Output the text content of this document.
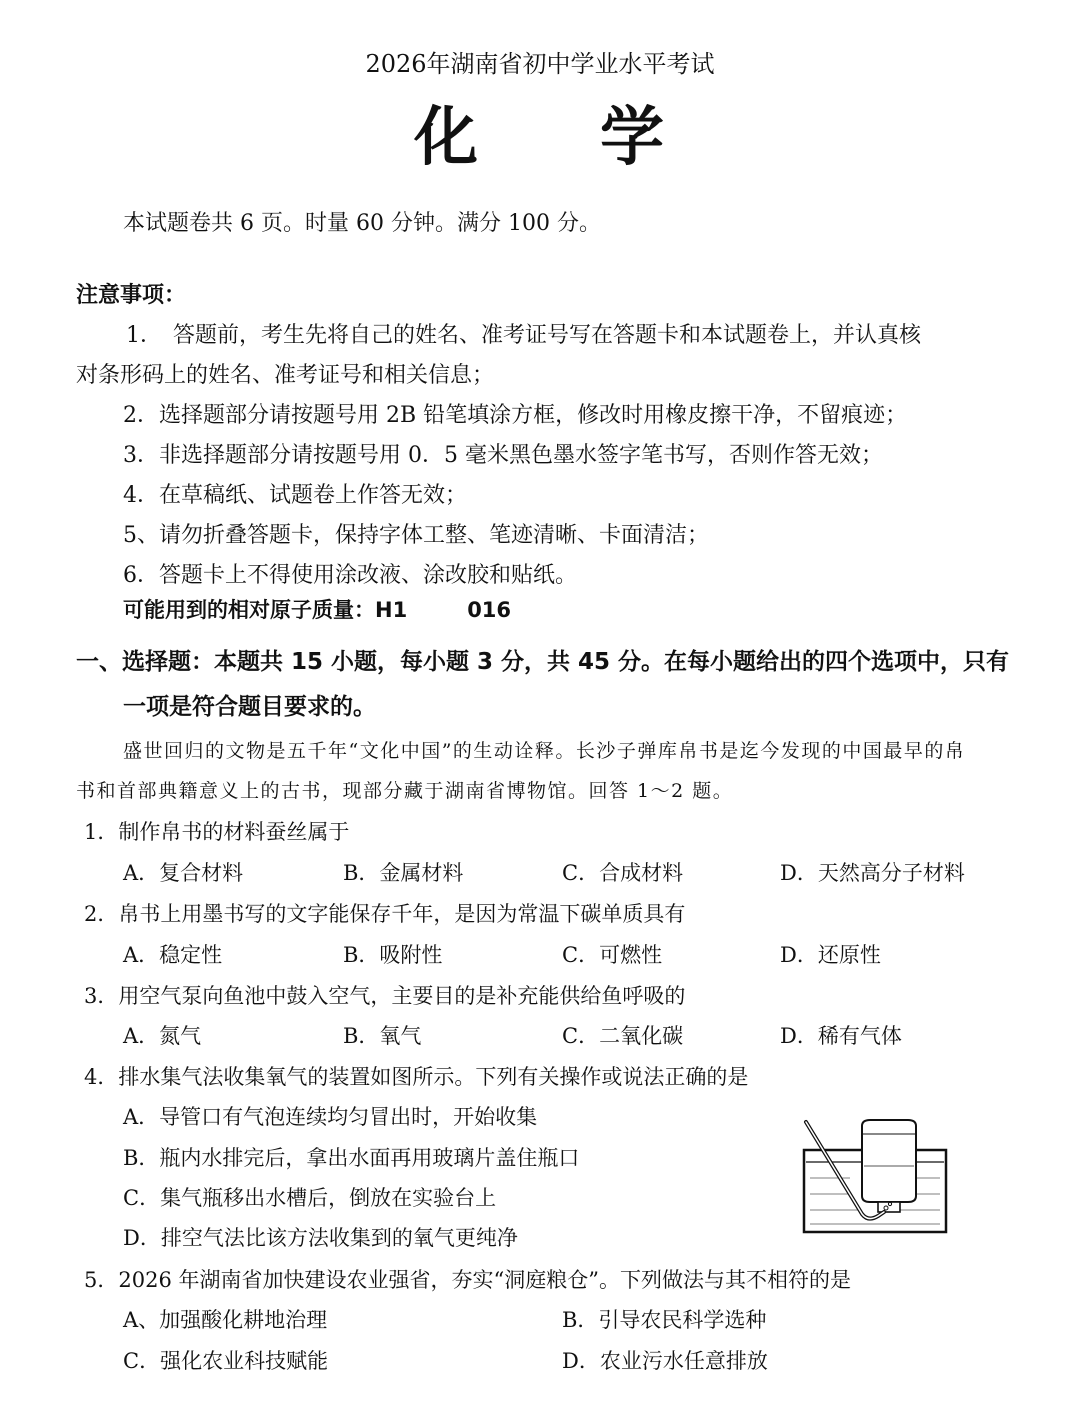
2026年湖南省初中学业水平考试
化 学
本试题卷共 6 页。时量 60 分钟。满分 100 分。
注意事项：
1．　答题前，考生先将自己的姓名、准考证号写在答题卡和本试题卷上，并认真核
对条形码上的姓名、准考证号和相关信息；
2．选择题部分请按题号用 2B 铅笔填涂方框，修改时用橡皮擦干净，不留痕迹；
3．非选择题部分请按题号用 0．5 毫米黑色墨水签字笔书写，否则作答无效；
4．在草稿纸、试题卷上作答无效；
5、请勿折叠答题卡，保持字体工整、笔迹清晰、卡面清洁；
6．答题卡上不得使用涂改液、涂改胶和贴纸。
可能用到的相对原子质量：H1	016
一、选择题：本题共 15 小题，每小题 3 分，共 45 分。在每小题给出的四个选项中，只有
一项是符合题目要求的。
盛世回归的文物是五千年“文化中国”的生动诠释。长沙子弹库帛书是迄今发现的中国最早的帛
书和首部典籍意义上的古书，现部分藏于湖南省博物馆。回答 1～2 题。
1．制作帛书的材料蚕丝属于
A．复合材料	B．金属材料	C．合成材料	D．天然高分子材料
2．帛书上用墨书写的文字能保存千年，是因为常温下碳单质具有
A．稳定性	B．吸附性	C．可燃性	D．还原性
3．用空气泵向鱼池中鼓入空气，主要目的是补充能供给鱼呼吸的
A．氮气	B．氧气	C．二氧化碳	D．稀有气体
4．排水集气法收集氧气的装置如图所示。下列有关操作或说法正确的是
A．导管口有气泡连续均匀冒出时，开始收集
B．瓶内水排完后，拿出水面再用玻璃片盖住瓶口
C．集气瓶移出水槽后，倒放在实验台上
D．排空气法比该方法收集到的氧气更纯净
5．2026 年湖南省加快建设农业强省，夯实“洞庭粮仓”。下列做法与其不相符的是
A、加强酸化耕地治理	B．引导农民科学选种
C．强化农业科技赋能	D．农业污水任意排放
